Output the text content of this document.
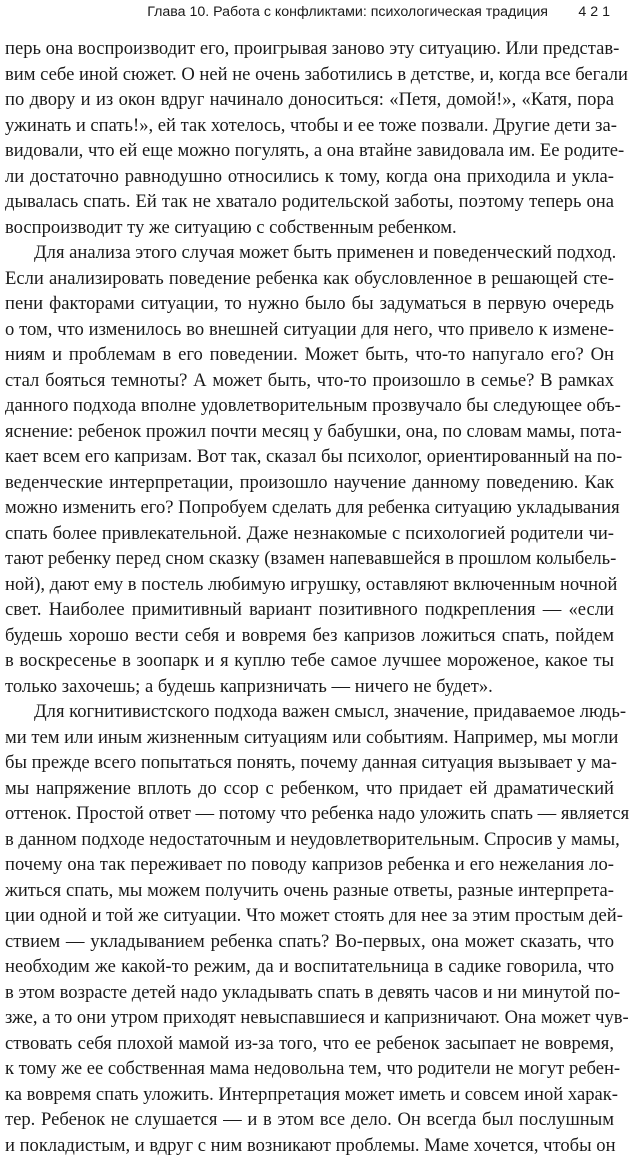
Глава 10. Работа с конфликтами: психологическая традиция 421
перь она воспроизводит его, проигрывая заново эту ситуацию. Или представ-
вим себе иной сюжет. О ней не очень заботились в детстве, и, когда все бегали
по двору и из окон вдруг начинало доноситься: «Петя, домой!», «Катя, пора
ужинать и спать!», ей так хотелось, чтобы и ее тоже позвали. Другие дети за-
видовали, что ей еще можно погулять, а она втайне завидовала им. Ее родите-
ли достаточно равнодушно относились к тому, когда она приходила и укла-
дывалась спать. Ей так не хватало родительской заботы, поэтому теперь она
воспроизводит ту же ситуацию с собственным ребенком.
Для анализа этого случая может быть применен и поведенческий подход.
Если анализировать поведение ребенка как обусловленное в решающей сте-
пени факторами ситуации, то нужно было бы задуматься в первую очередь
о том, что изменилось во внешней ситуации для него, что привело к измене-
ниям и проблемам в его поведении. Может быть, что-то напугало его? Он
стал бояться темноты? А может быть, что-то произошло в семье? В рамках
данного подхода вполне удовлетворительным прозвучало бы следующее объ-
яснение: ребенок прожил почти месяц у бабушки, она, по словам мамы, пота-
кает всем его капризам. Вот так, сказал бы психолог, ориентированный на по-
веденческие интерпретации, произошло научение данному поведению. Как
можно изменить его? Попробуем сделать для ребенка ситуацию укладывания
спать более привлекательной. Даже незнакомые с психологией родители чи-
тают ребенку перед сном сказку (взамен напевавшейся в прошлом колыбель-
ной), дают ему в постель любимую игрушку, оставляют включенным ночной
свет. Наиболее примитивный вариант позитивного подкрепления — «если
будешь хорошо вести себя и вовремя без капризов ложиться спать, пойдем
в воскресенье в зоопарк и я куплю тебе самое лучшее мороженое, какое ты
только захочешь; а будешь капризничать — ничего не будет».
Для когнитивистского подхода важен смысл, значение, придаваемое людь-
ми тем или иным жизненным ситуациям или событиям. Например, мы могли
бы прежде всего попытаться понять, почему данная ситуация вызывает у ма-
мы напряжение вплоть до ссор с ребенком, что придает ей драматический
оттенок. Простой ответ — потому что ребенка надо уложить спать — является
в данном подходе недостаточным и неудовлетворительным. Спросив у мамы,
почему она так переживает по поводу капризов ребенка и его нежелания ло-
житься спать, мы можем получить очень разные ответы, разные интерпрета-
ции одной и той же ситуации. Что может стоять для нее за этим простым дей-
ствием — укладыванием ребенка спать? Во-первых, она может сказать, что
необходим же какой-то режим, да и воспитательница в садике говорила, что
в этом возрасте детей надо укладывать спать в девять часов и ни минутой по-
зже, а то они утром приходят невыспавшиеся и капризничают. Она может чув-
ствовать себя плохой мамой из-за того, что ее ребенок засыпает не вовремя,
к тому же ее собственная мама недовольна тем, что родители не могут ребен-
ка вовремя спать уложить. Интерпретация может иметь и совсем иной харак-
тер. Ребенок не слушается — и в этом все дело. Он всегда был послушным
и покладистым, и вдруг с ним возникают проблемы. Маме хочется, чтобы он
